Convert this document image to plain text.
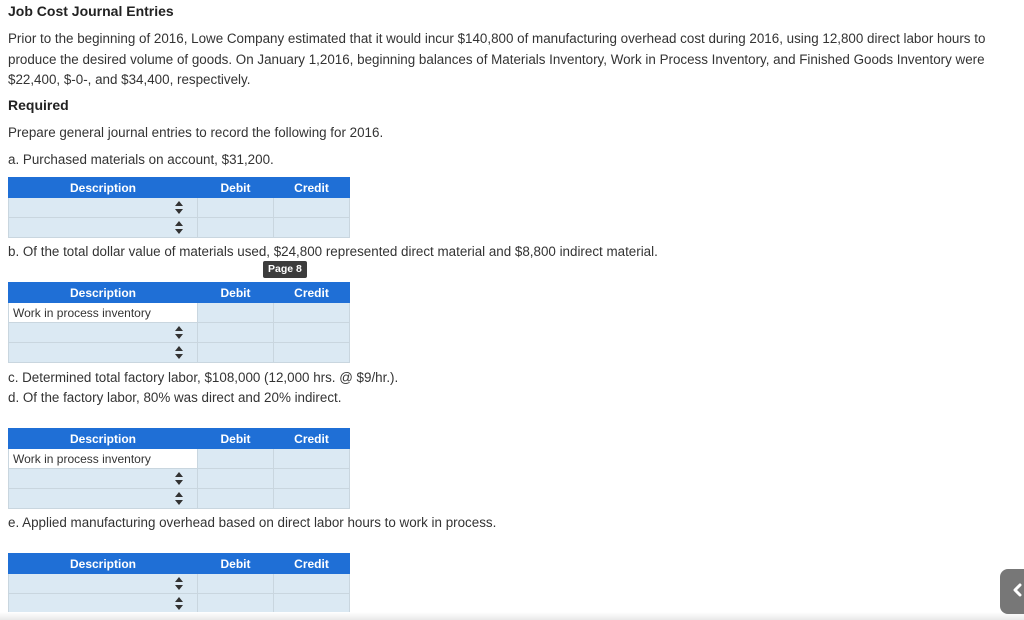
Job Cost Journal Entries
Prior to the beginning of 2016, Lowe Company estimated that it would incur $140,800 of manufacturing overhead cost during 2016, using 12,800 direct labor hours to produce the desired volume of goods. On January 1,2016, beginning balances of Materials Inventory, Work in Process Inventory, and Finished Goods Inventory were $22,400, $-0-, and $34,400, respectively.
Required
Prepare general journal entries to record the following for 2016.
a. Purchased materials on account, $31,200.
Description	Debit	Credit

b. Of the total dollar value of materials used, $24,800 represented direct material and $8,800 indirect material.
Page 8
Description	Debit	Credit
Work in process inventory		

c. Determined total factory labor, $108,000 (12,000 hrs. @ $9/hr.).
d. Of the factory labor, 80% was direct and 20% indirect.
Description	Debit	Credit
Work in process inventory		

e. Applied manufacturing overhead based on direct labor hours to work in process.
Description	Debit	Credit
